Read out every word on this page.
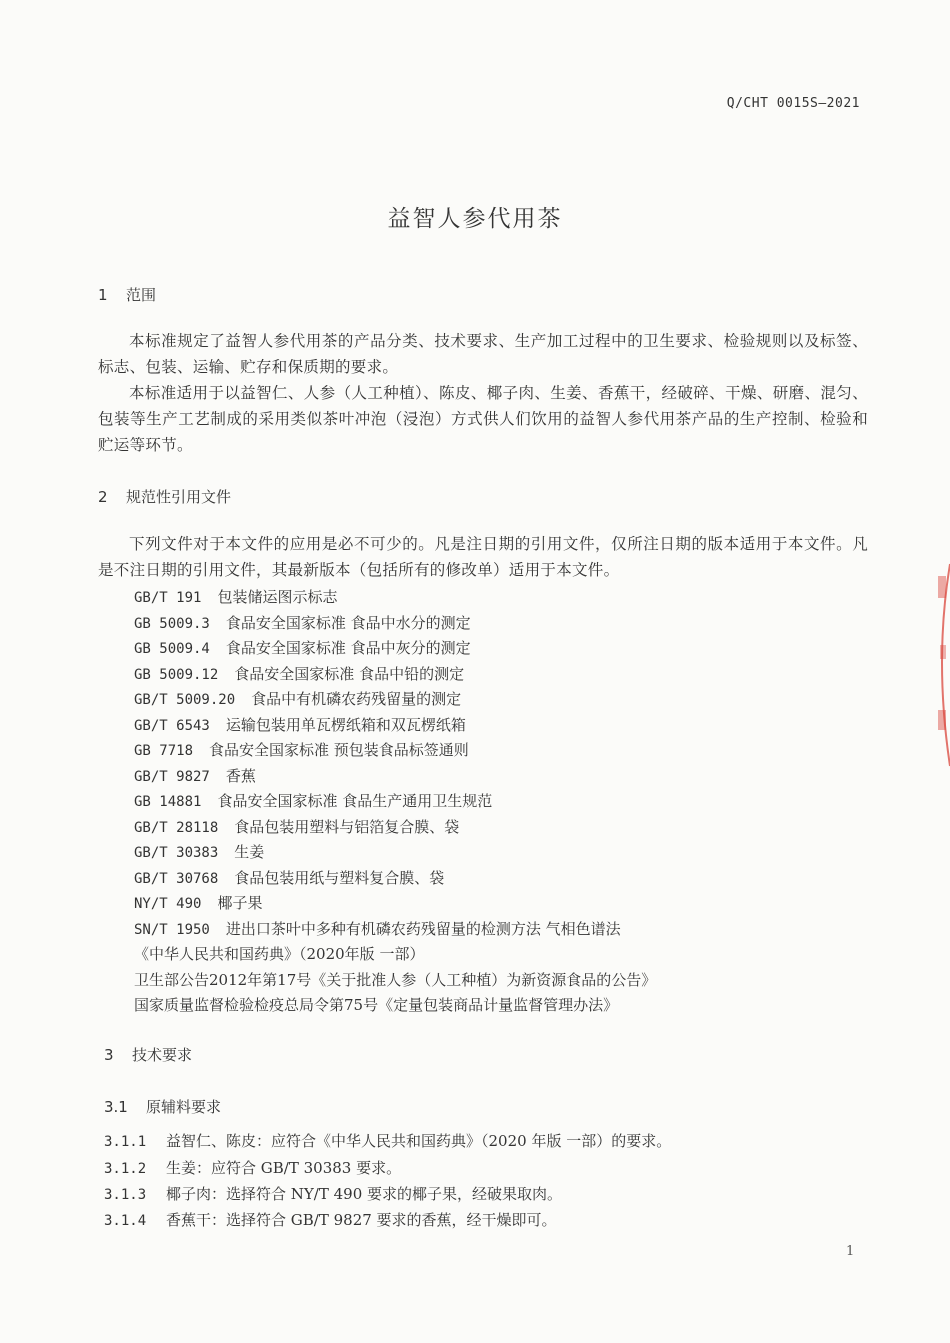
Q/CHT 0015S—2021
益智人参代用茶
1 范围

本标准规定了益智人参代用茶的产品分类、技术要求、生产加工过程中的卫生要求、检验规则以及标签、标志、包装、运输、贮存和保质期的要求。

本标准适用于以益智仁、人参（人工种植）、陈皮、椰子肉、生姜、香蕉干，经破碎、干燥、研磨、混匀、包装等生产工艺制成的采用类似茶叶冲泡（浸泡）方式供人们饮用的益智人参代用茶产品的生产控制、检验和贮运等环节。

2 规范性引用文件

下列文件对于本文件的应用是必不可少的。凡是注日期的引用文件，仅所注日期的版本适用于本文件。凡是不注日期的引用文件，其最新版本（包括所有的修改单）适用于本文件。

GB/T 191 包装储运图示标志
GB 5009.3 食品安全国家标准 食品中水分的测定
GB 5009.4 食品安全国家标准 食品中灰分的测定
GB 5009.12 食品安全国家标准 食品中铅的测定
GB/T 5009.20 食品中有机磷农药残留量的测定
GB/T 6543 运输包装用单瓦楞纸箱和双瓦楞纸箱
GB 7718 食品安全国家标准 预包装食品标签通则
GB/T 9827 香蕉
GB 14881 食品安全国家标准 食品生产通用卫生规范
GB/T 28118 食品包装用塑料与铝箔复合膜、袋
GB/T 30383 生姜
GB/T 30768 食品包装用纸与塑料复合膜、袋
NY/T 490 椰子果
SN/T 1950 进出口茶叶中多种有机磷农药残留量的检测方法 气相色谱法
《中华人民共和国药典》（2020年版 一部）
卫生部公告2012年第17号《关于批准人参（人工种植）为新资源食品的公告》
国家质量监督检验检疫总局令第75号《定量包装商品计量监督管理办法》
3 技术要求
3.1 原辅料要求
3.1.1 益智仁、陈皮：应符合《中华人民共和国药典》（2020 年版 一部）的要求。
3.1.2 生姜：应符合 GB/T 30383 要求。
3.1.3 椰子肉：选择符合 NY/T 490 要求的椰子果，经破果取肉。
3.1.4 香蕉干：选择符合 GB/T 9827 要求的香蕉，经干燥即可。
1
